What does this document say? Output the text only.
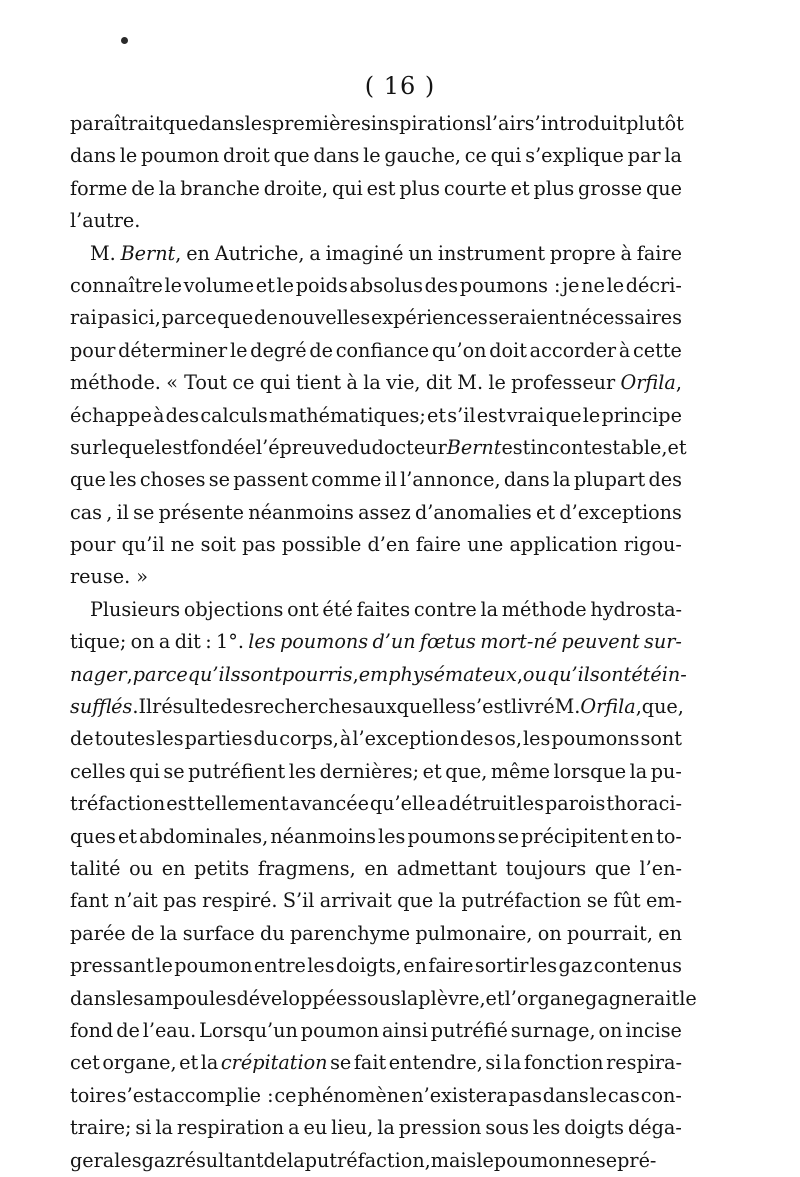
( 16 )
paraîtrait que dans les premières inspirations l’air s’introduit plutôt
dans le poumon droit que dans le gauche, ce qui s’explique par la
forme de la branche droite, qui est plus courte et plus grosse que
l’autre.
M. Bernt, en Autriche, a imaginé un instrument propre à faire
connaître le volume et le poids absolus des poumons : je ne le décri-
rai pas ici, parce que de nouvelles expériences seraient nécessaires
pour déterminer le degré de confiance qu’on doit accorder à cette
méthode. « Tout ce qui tient à la vie, dit M. le professeur Orfila,
échappe à des calculs mathématiques; et s’il est vrai que le principe
sur lequel est fondée l’épreuve du docteur Bernt est incontestable, et
que les choses se passent comme il l’annonce, dans la plupart des
cas , il se présente néanmoins assez d’anomalies et d’exceptions
pour qu’il ne soit pas possible d’en faire une application rigou-
reuse. »
Plusieurs objections ont été faites contre la méthode hydrosta-
tique; on a dit : 1°. les poumons d’un fœtus mort-né peuvent sur-
nager, parce qu’ils sont pourris, emphysémateux, ou qu’ils ont été in-
sufflés. Il résulte des recherches auxquelles s’est livré M. Orfila, que,
de toutes les parties du corps, à l’exception des os, les poumons sont
celles qui se putréfient les dernières; et que, même lorsque la pu-
tréfaction est tellement avancée qu’elle a détruit les parois thoraci-
ques et abdominales, néanmoins les poumons se précipitent en to-
talité ou en petits fragmens, en admettant toujours que l’en-
fant n’ait pas respiré. S’il arrivait que la putréfaction se fût em-
parée de la surface du parenchyme pulmonaire, on pourrait, en
pressant le poumon entre les doigts, en faire sortir les gaz contenus
dans les ampoules développées sous la plèvre, et l’organe gagnerait le
fond de l’eau. Lorsqu’un poumon ainsi putréfié surnage, on incise
cet organe, et la crépitation se fait entendre, si la fonction respira-
toire s’est accomplie : ce phénomène n’existera pas dans le cas con-
traire; si la respiration a eu lieu, la pression sous les doigts déga-
gera les gaz résultant de la putréfaction, mais le poumon ne se pré-
